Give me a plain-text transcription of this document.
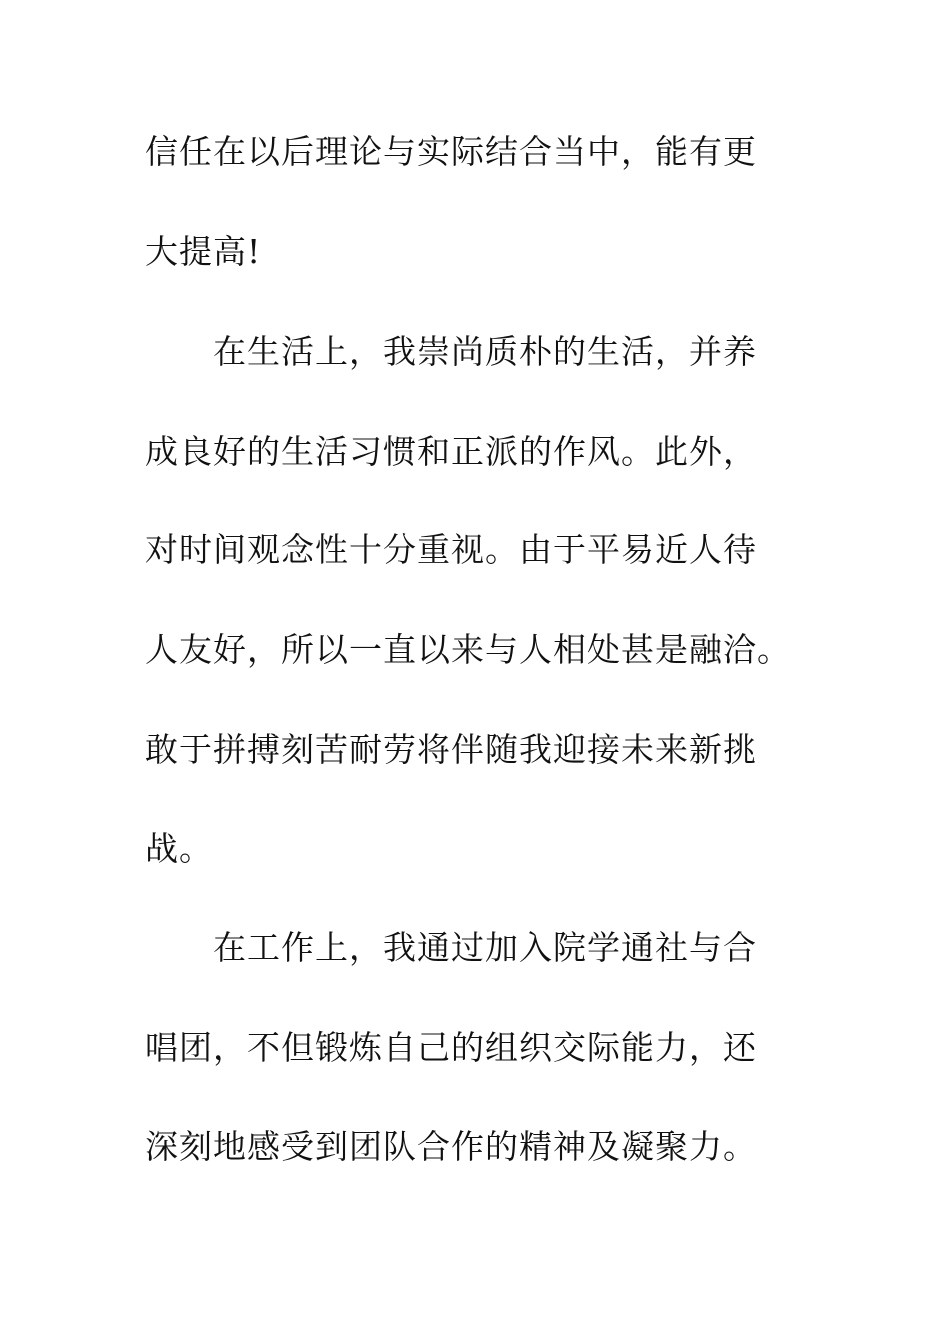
信任在以后理论与实际结合当中，能有更
大提高!
在生活上，我崇尚质朴的生活，并养
成良好的生活习惯和正派的作风。此外，
对时间观念性十分重视。由于平易近人待
人友好，所以一直以来与人相处甚是融洽。
敢于拼搏刻苦耐劳将伴随我迎接未来新挑
战。
在工作上，我通过加入院学通社与合
唱团，不但锻炼自己的组织交际能力，还
深刻地感受到团队合作的精神及凝聚力。
